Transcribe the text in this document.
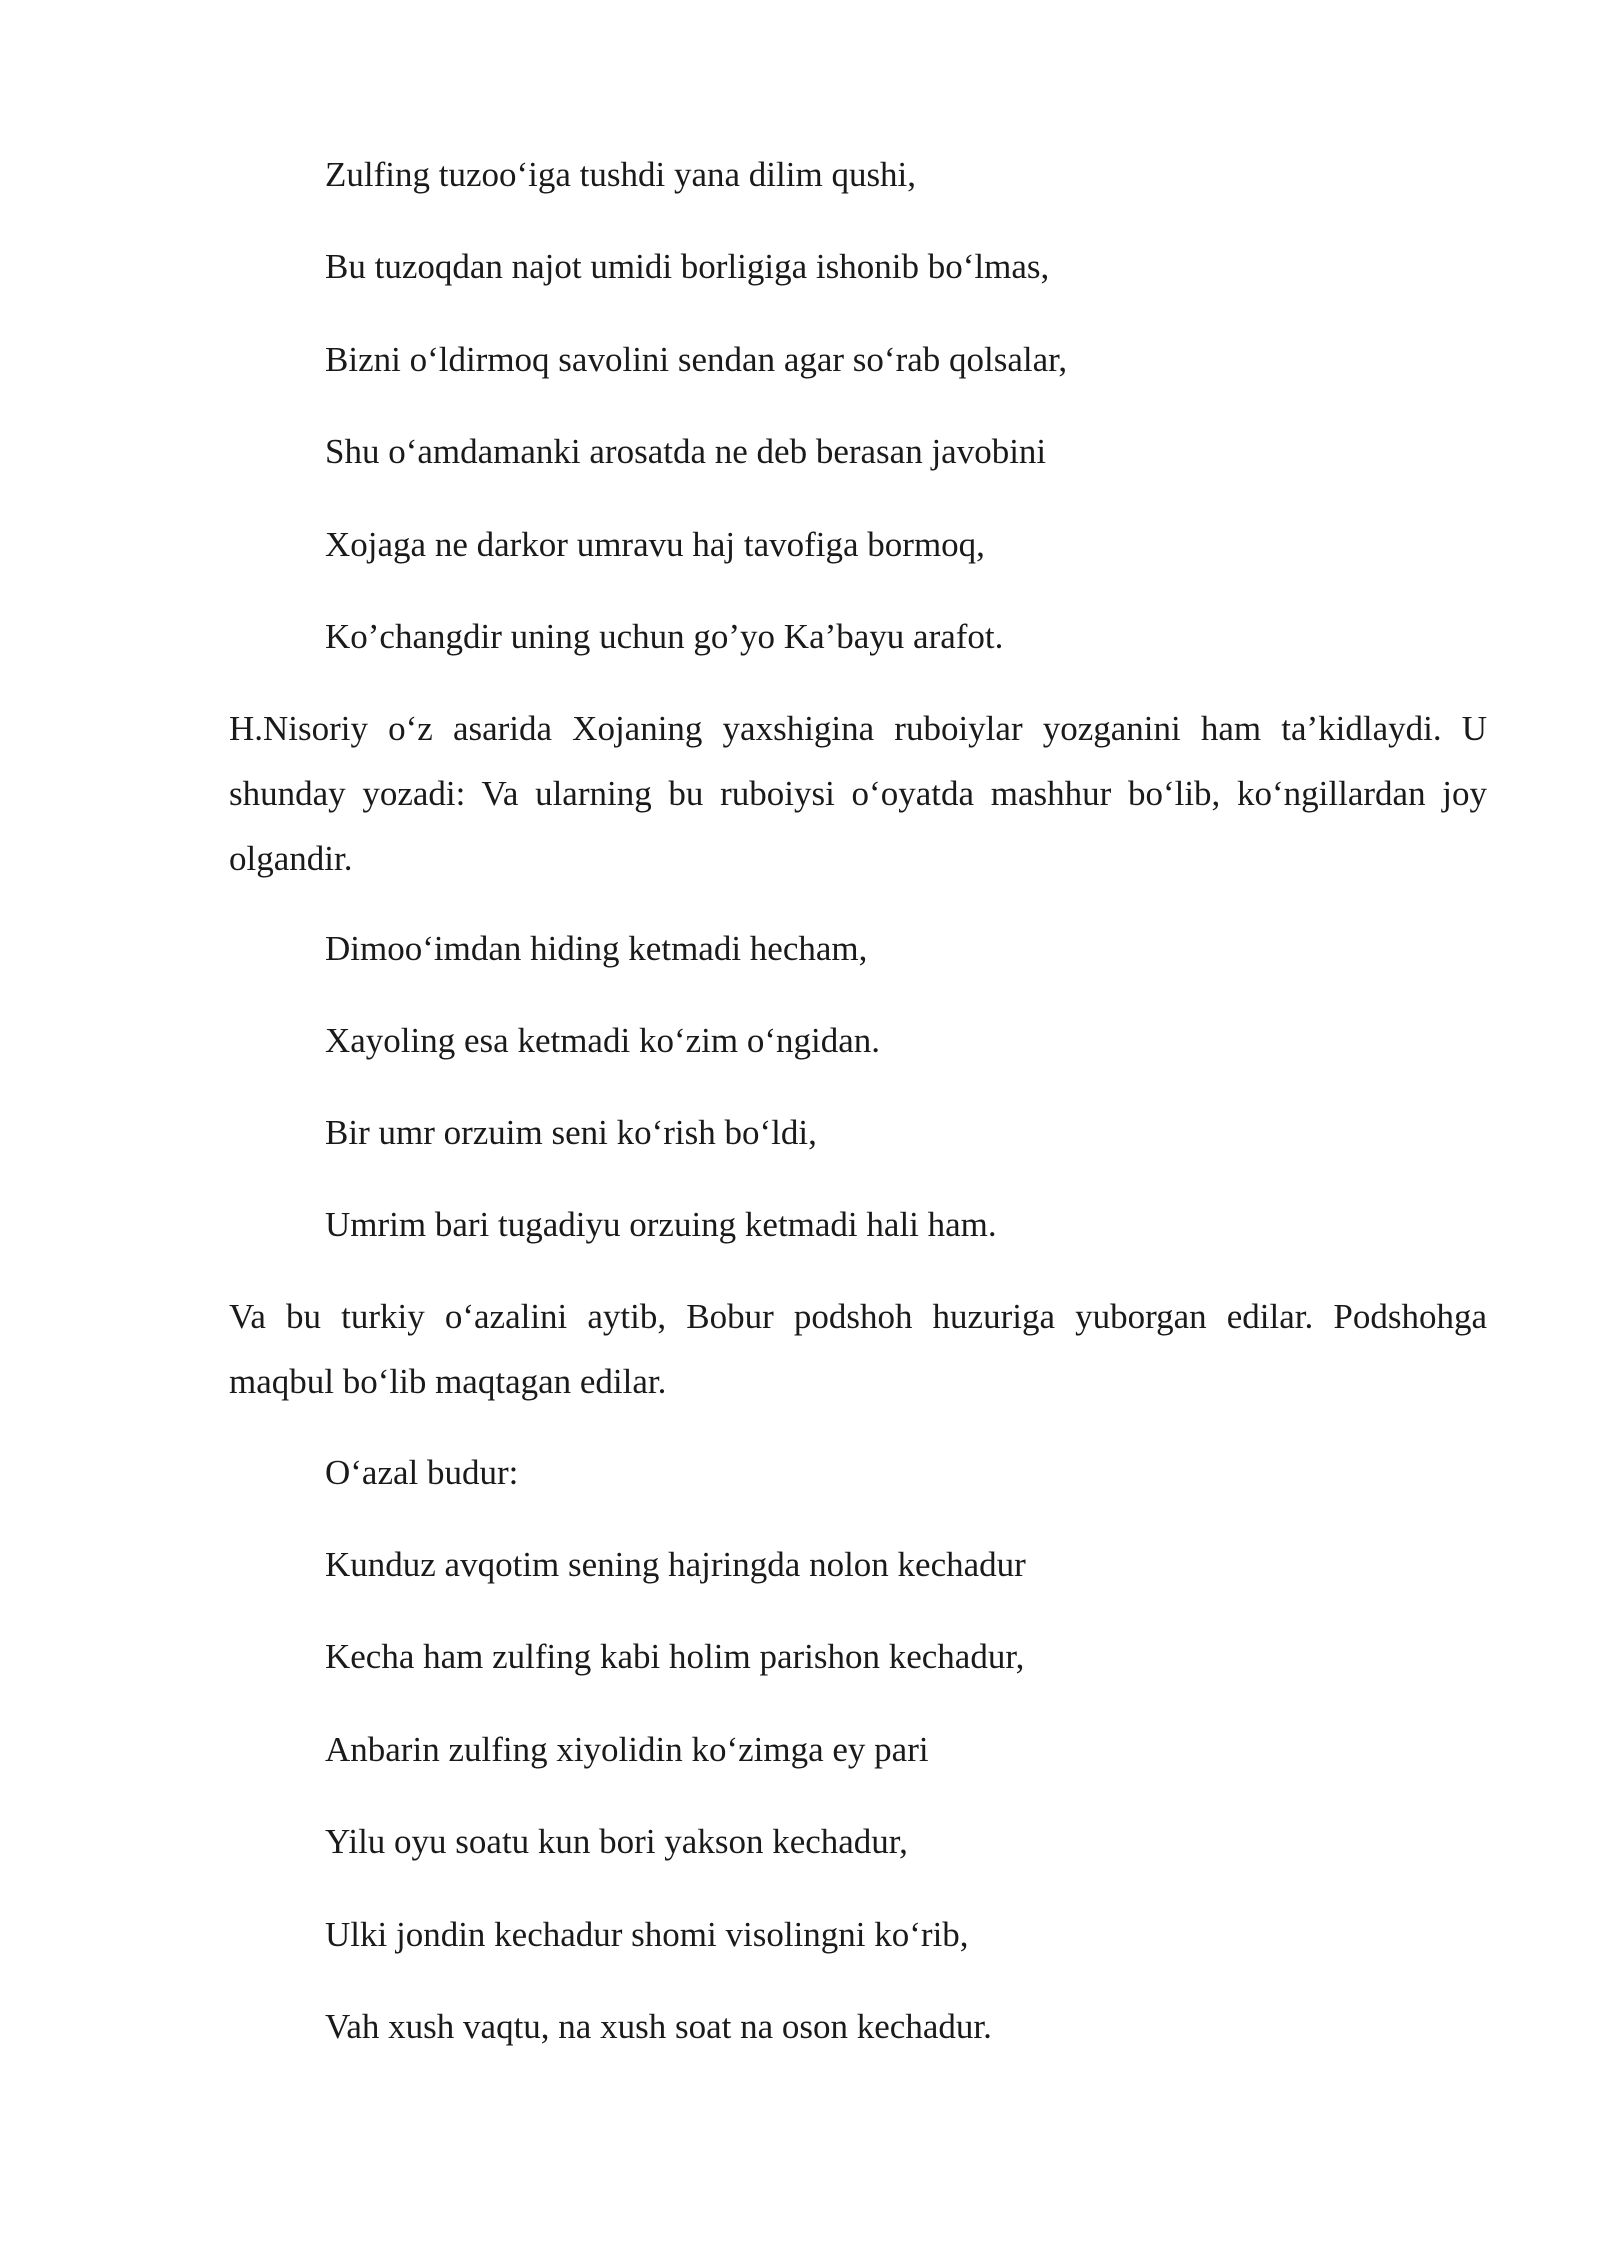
Zulfing tuzoo‘iga tushdi yana dilim qushi,
Bu tuzoqdan najot umidi borligiga ishonib bo‘lmas,
Bizni o‘ldirmoq savolini sendan agar so‘rab qolsalar,
Shu o‘amdamanki arosatda ne deb berasan javobini
Xojaga ne darkor umravu haj tavofiga bormoq,
Ko’changdir uning uchun go’yo Ka’bayu arafot.
H.Nisoriy o‘z asarida Xojaning yaxshigina ruboiylar yozganini ham ta’kidlaydi. U shunday yozadi: Va ularning bu ruboiysi o‘oyatda mashhur bo‘lib, ko‘ngillardan joy olgandir.
Dimoo‘imdan hiding ketmadi hecham,
Xayoling esa ketmadi ko‘zim o‘ngidan.
Bir umr orzuim seni ko‘rish bo‘ldi,
Umrim bari tugadiyu orzuing ketmadi hali ham.
Va bu turkiy o‘azalini aytib, Bobur podshoh huzuriga yuborgan edilar. Podshohga maqbul bo‘lib maqtagan edilar.
O‘azal budur:
Kunduz avqotim sening hajringda nolon kechadur
Kecha ham zulfing kabi holim parishon kechadur,
Anbarin zulfing xiyolidin ko‘zimga ey pari
Yilu oyu soatu kun bori yakson kechadur,
Ulki jondin kechadur shomi visolingni ko‘rib,
Vah xush vaqtu, na xush soat na oson kechadur.
